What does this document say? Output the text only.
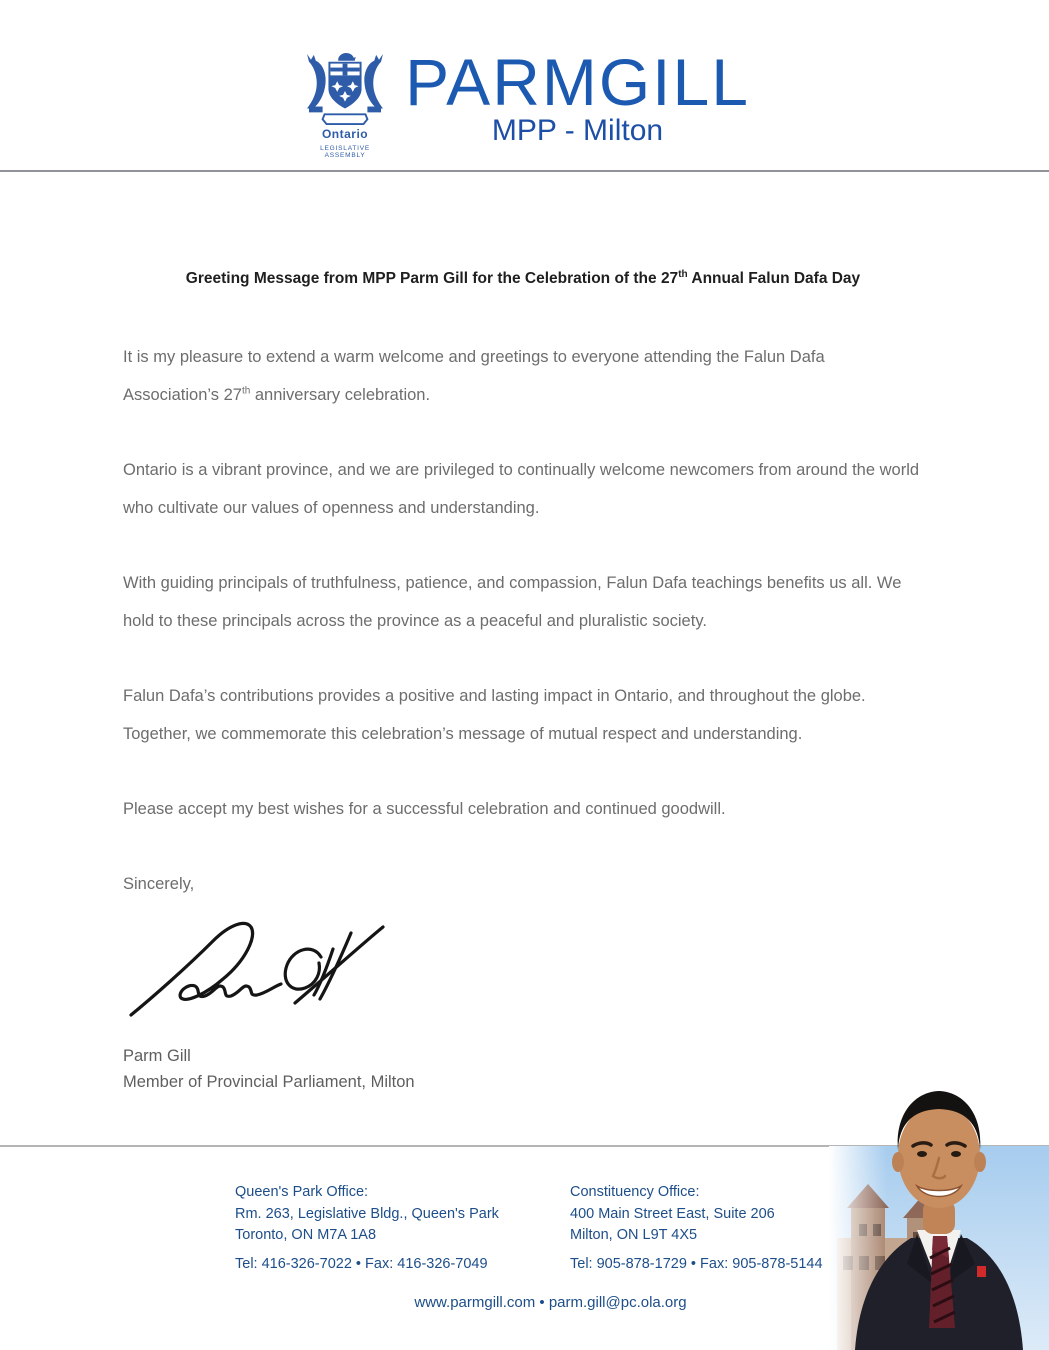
Ontario
LEGISLATIVE ASSEMBLY
PARMGILL
MPP - Milton

Greeting Message from MPP Parm Gill for the Celebration of the 27th Annual Falun Dafa Day

It is my pleasure to extend a warm welcome and greetings to everyone attending the Falun Dafa Association’s 27th anniversary celebration.

Ontario is a vibrant province, and we are privileged to continually welcome newcomers from around the world who cultivate our values of openness and understanding.

With guiding principals of truthfulness, patience, and compassion, Falun Dafa teachings benefits us all. We hold to these principals across the province as a peaceful and pluralistic society.

Falun Dafa’s contributions provides a positive and lasting impact in Ontario, and throughout the globe. Together, we commemorate this celebration’s message of mutual respect and understanding.

Please accept my best wishes for a successful celebration and continued goodwill.

Sincerely,

Parm Gill
Member of Provincial Parliament, Milton
Queen's Park Office:
Rm. 263, Legislative Bldg., Queen's Park
Toronto, ON M7A 1A8
Tel: 416-326-7022 • Fax: 416-326-7049
Constituency Office:
400 Main Street East, Suite 206
Milton, ON L9T 4X5
Tel: 905-878-1729 • Fax: 905-878-5144
www.parmgill.com • parm.gill@pc.ola.org
